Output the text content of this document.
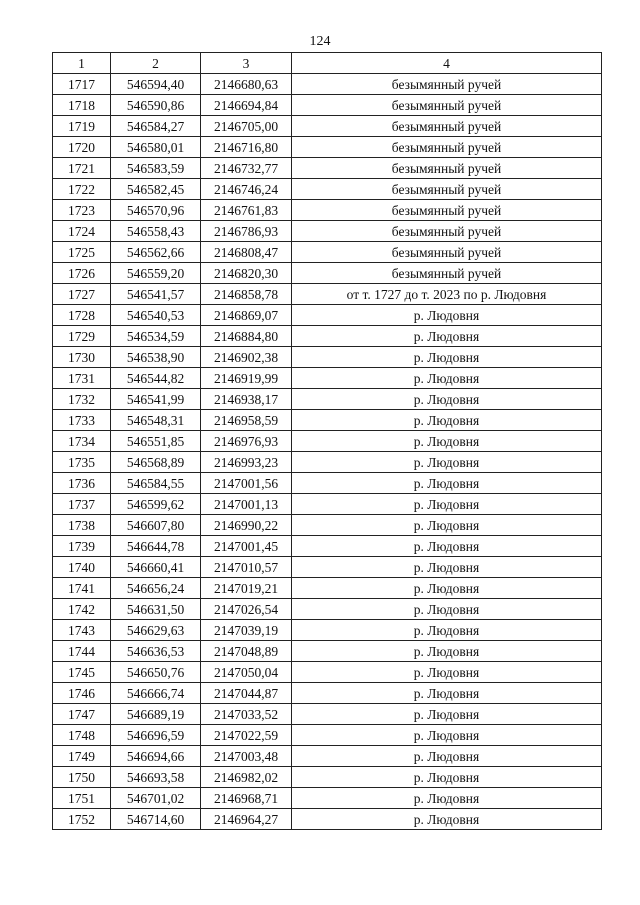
124
1	2	3	4
1717	546594,40	2146680,63	безымянный ручей
1718	546590,86	2146694,84	безымянный ручей
1719	546584,27	2146705,00	безымянный ручей
1720	546580,01	2146716,80	безымянный ручей
1721	546583,59	2146732,77	безымянный ручей
1722	546582,45	2146746,24	безымянный ручей
1723	546570,96	2146761,83	безымянный ручей
1724	546558,43	2146786,93	безымянный ручей
1725	546562,66	2146808,47	безымянный ручей
1726	546559,20	2146820,30	безымянный ручей
1727	546541,57	2146858,78	от т. 1727 до т. 2023 по р. Людовня
1728	546540,53	2146869,07	р. Людовня
1729	546534,59	2146884,80	р. Людовня
1730	546538,90	2146902,38	р. Людовня
1731	546544,82	2146919,99	р. Людовня
1732	546541,99	2146938,17	р. Людовня
1733	546548,31	2146958,59	р. Людовня
1734	546551,85	2146976,93	р. Людовня
1735	546568,89	2146993,23	р. Людовня
1736	546584,55	2147001,56	р. Людовня
1737	546599,62	2147001,13	р. Людовня
1738	546607,80	2146990,22	р. Людовня
1739	546644,78	2147001,45	р. Людовня
1740	546660,41	2147010,57	р. Людовня
1741	546656,24	2147019,21	р. Людовня
1742	546631,50	2147026,54	р. Людовня
1743	546629,63	2147039,19	р. Людовня
1744	546636,53	2147048,89	р. Людовня
1745	546650,76	2147050,04	р. Людовня
1746	546666,74	2147044,87	р. Людовня
1747	546689,19	2147033,52	р. Людовня
1748	546696,59	2147022,59	р. Людовня
1749	546694,66	2147003,48	р. Людовня
1750	546693,58	2146982,02	р. Людовня
1751	546701,02	2146968,71	р. Людовня
1752	546714,60	2146964,27	р. Людовня
